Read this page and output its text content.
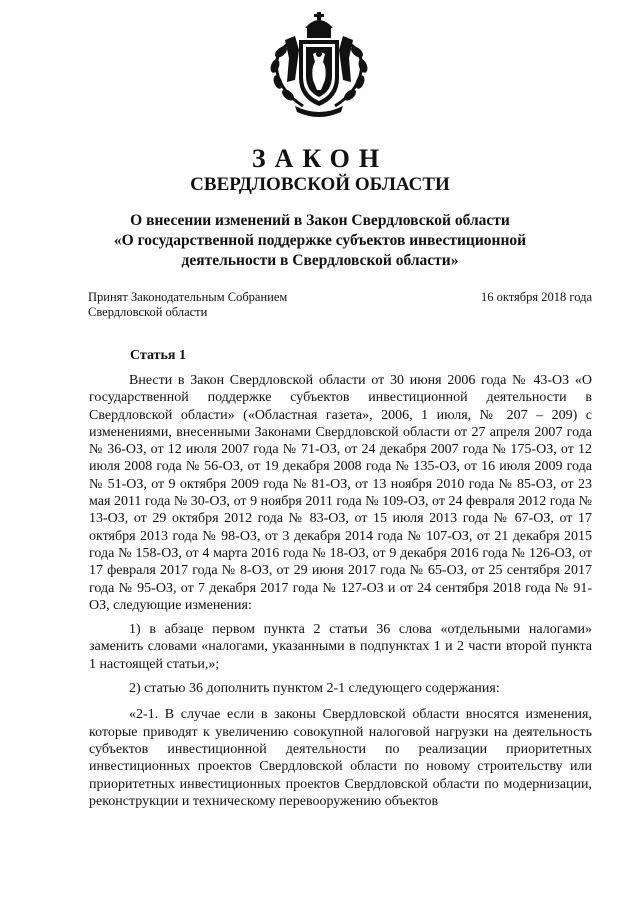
ЗАКОН
СВЕРДЛОВСКОЙ ОБЛАСТИ
О внесении изменений в Закон Свердловской области
«О государственной поддержке субъектов инвестиционной
деятельности в Свердловской области»
Принят Законодательным Собранием
Свердловской области
16 октября 2018 года
Статья 1

Внести в Закон Свердловской области от 30 июня 2006 года № 43-ОЗ «О государственной поддержке субъектов инвестиционной деятельности в Свердловской области» («Областная газета», 2006, 1 июля, № 207 – 209) с изменениями, внесенными Законами Свердловской области от 27 апреля 2007 года № 36-ОЗ, от 12 июля 2007 года № 71-ОЗ, от 24 декабря 2007 года № 175-ОЗ, от 12 июля 2008 года № 56-ОЗ, от 19 декабря 2008 года № 135-ОЗ, от 16 июля 2009 года № 51-ОЗ, от 9 октября 2009 года № 81-ОЗ, от 13 ноября 2010 года № 85-ОЗ, от 23 мая 2011 года № 30-ОЗ, от 9 ноября 2011 года № 109-ОЗ, от 24 февраля 2012 года № 13-ОЗ, от 29 октября 2012 года № 83-ОЗ, от 15 июля 2013 года № 67-ОЗ, от 17 октября 2013 года № 98-ОЗ, от 3 декабря 2014 года № 107-ОЗ, от 21 декабря 2015 года № 158-ОЗ, от 4 марта 2016 года № 18-ОЗ, от 9 декабря 2016 года № 126-ОЗ, от 17 февраля 2017 года № 8-ОЗ, от 29 июня 2017 года № 65-ОЗ, от 25 сентября 2017 года № 95-ОЗ, от 7 декабря 2017 года № 127-ОЗ и от 24 сентября 2018 года № 91-ОЗ, следующие изменения:

1) в абзаце первом пункта 2 статьи 36 слова «отдельными налогами» заменить словами «налогами, указанными в подпунктах 1 и 2 части второй пункта 1 настоящей статьи,»;

2) статью 36 дополнить пунктом 2-1 следующего содержания:

«2-1. В случае если в законы Свердловской области вносятся изменения, которые приводят к увеличению совокупной налоговой нагрузки на деятельность субъектов инвестиционной деятельности по реализации приоритетных инвестиционных проектов Свердловской области по новому строительству или приоритетных инвестиционных проектов Свердловской области по модернизации, реконструкции и техническому перевооружению объектов
